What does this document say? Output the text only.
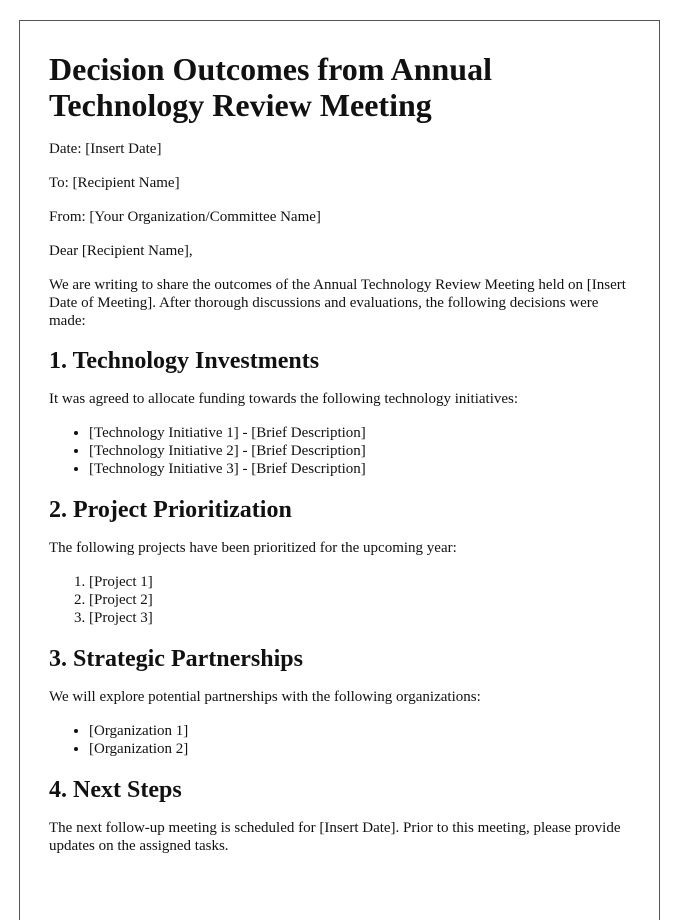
Decision Outcomes from Annual Technology Review Meeting

Date: [Insert Date]

To: [Recipient Name]

From: [Your Organization/Committee Name]

Dear [Recipient Name],

We are writing to share the outcomes of the Annual Technology Review Meeting held on [Insert Date of Meeting]. After thorough discussions and evaluations, the following decisions were made:

1. Technology Investments

It was agreed to allocate funding towards the following technology initiatives:

• [Technology Initiative 1] - [Brief Description]
• [Technology Initiative 2] - [Brief Description]
• [Technology Initiative 3] - [Brief Description]
2. Project Prioritization

The following projects have been prioritized for the upcoming year:

1. [Project 1]
2. [Project 2]
3. [Project 3]
3. Strategic Partnerships

We will explore potential partnerships with the following organizations:

• [Organization 1]
• [Organization 2]
4. Next Steps

The next follow-up meeting is scheduled for [Insert Date]. Prior to this meeting, please provide updates on the assigned tasks.
